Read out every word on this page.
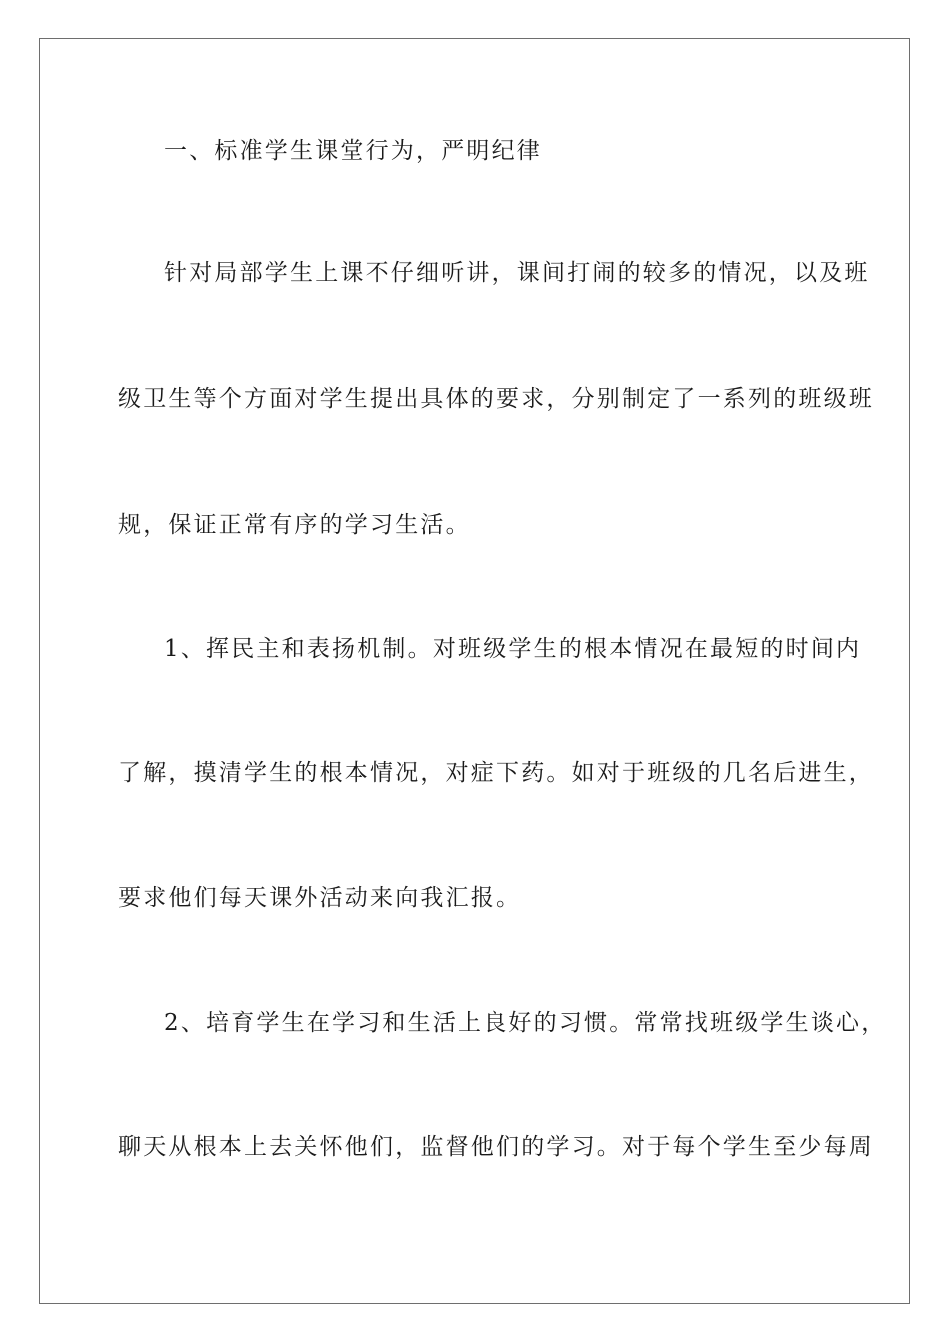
一、标准学生课堂行为，严明纪律
针对局部学生上课不仔细听讲，课间打闹的较多的情况，以及班
级卫生等个方面对学生提出具体的要求，分别制定了一系列的班级班
规，保证正常有序的学习生活。
1、挥民主和表扬机制。对班级学生的根本情况在最短的时间内
了解，摸清学生的根本情况，对症下药。如对于班级的几名后进生，
要求他们每天课外活动来向我汇报。
2、培育学生在学习和生活上良好的习惯。常常找班级学生谈心，
聊天从根本上去关怀他们，监督他们的学习。对于每个学生至少每周
